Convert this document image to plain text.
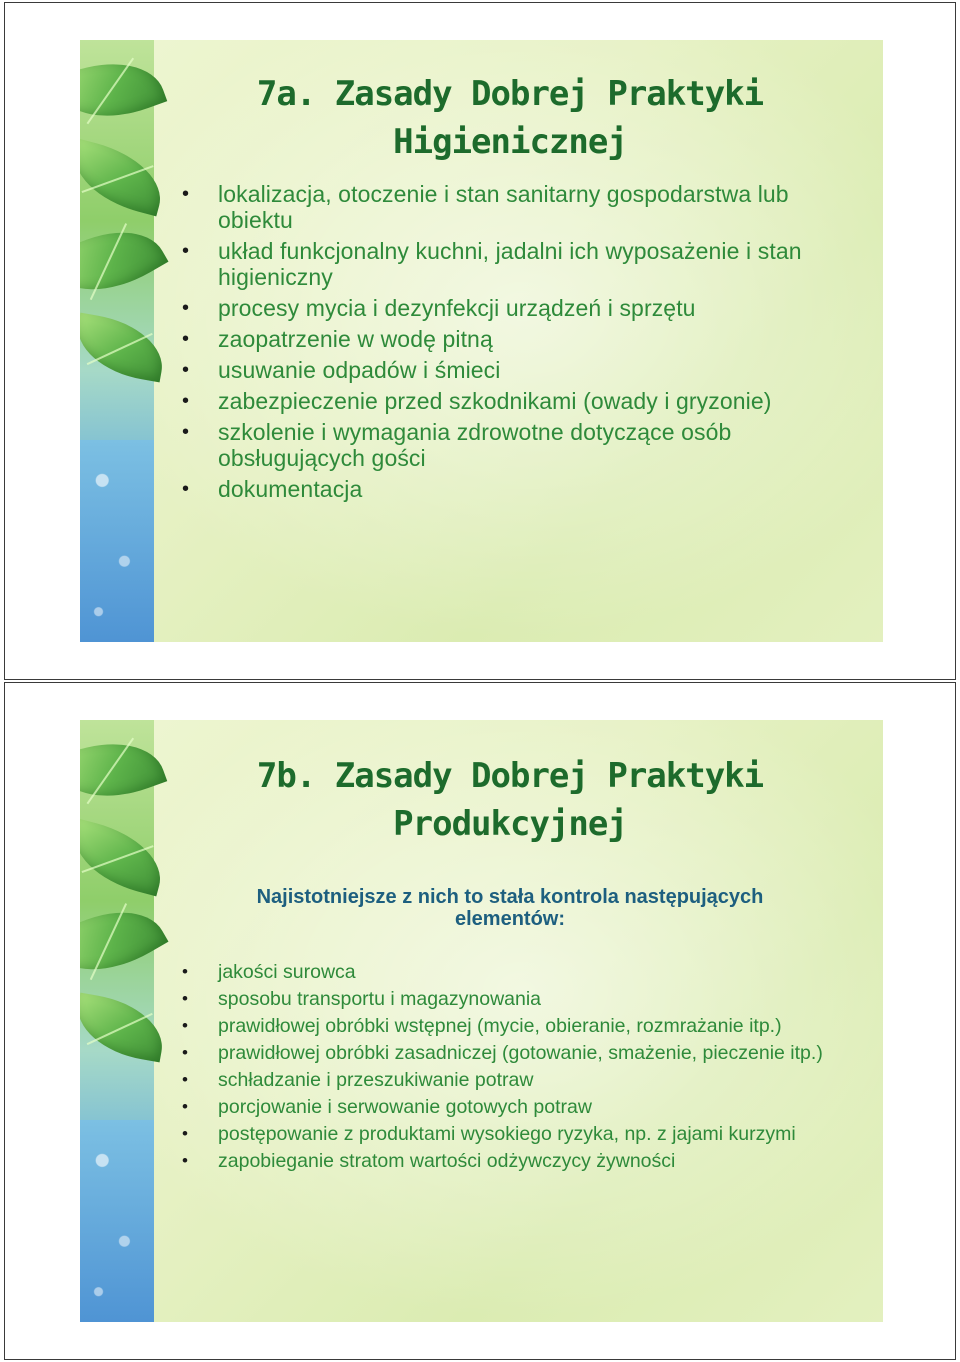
7a. Zasady Dobrej Praktyki Higienicznej
• lokalizacja, otoczenie i stan sanitarny gospodarstwa lub obiektu
• układ funkcjonalny kuchni, jadalni ich wyposażenie i stan higieniczny
• procesy mycia i dezynfekcji urządzeń i sprzętu
• zaopatrzenie w wodę pitną
• usuwanie odpadów i śmieci
• zabezpieczenie przed szkodnikami (owady i gryzonie)
• szkolenie i wymagania zdrowotne dotyczące osób obsługujących gości
• dokumentacja
7b. Zasady Dobrej Praktyki Produkcyjnej
Najistotniejsze z nich to stała kontrola następujących elementów:
• jakości surowca
• sposobu transportu i magazynowania
• prawidłowej obróbki wstępnej (mycie, obieranie, rozmrażanie itp.)
• prawidłowej obróbki zasadniczej (gotowanie, smażenie, pieczenie itp.)
• schładzanie i przeszukiwanie potraw
• porcjowanie i serwowanie gotowych potraw
• postępowanie z produktami wysokiego ryzyka, np. z jajami kurzymi
• zapobieganie stratom wartości odżywczycy żywności
